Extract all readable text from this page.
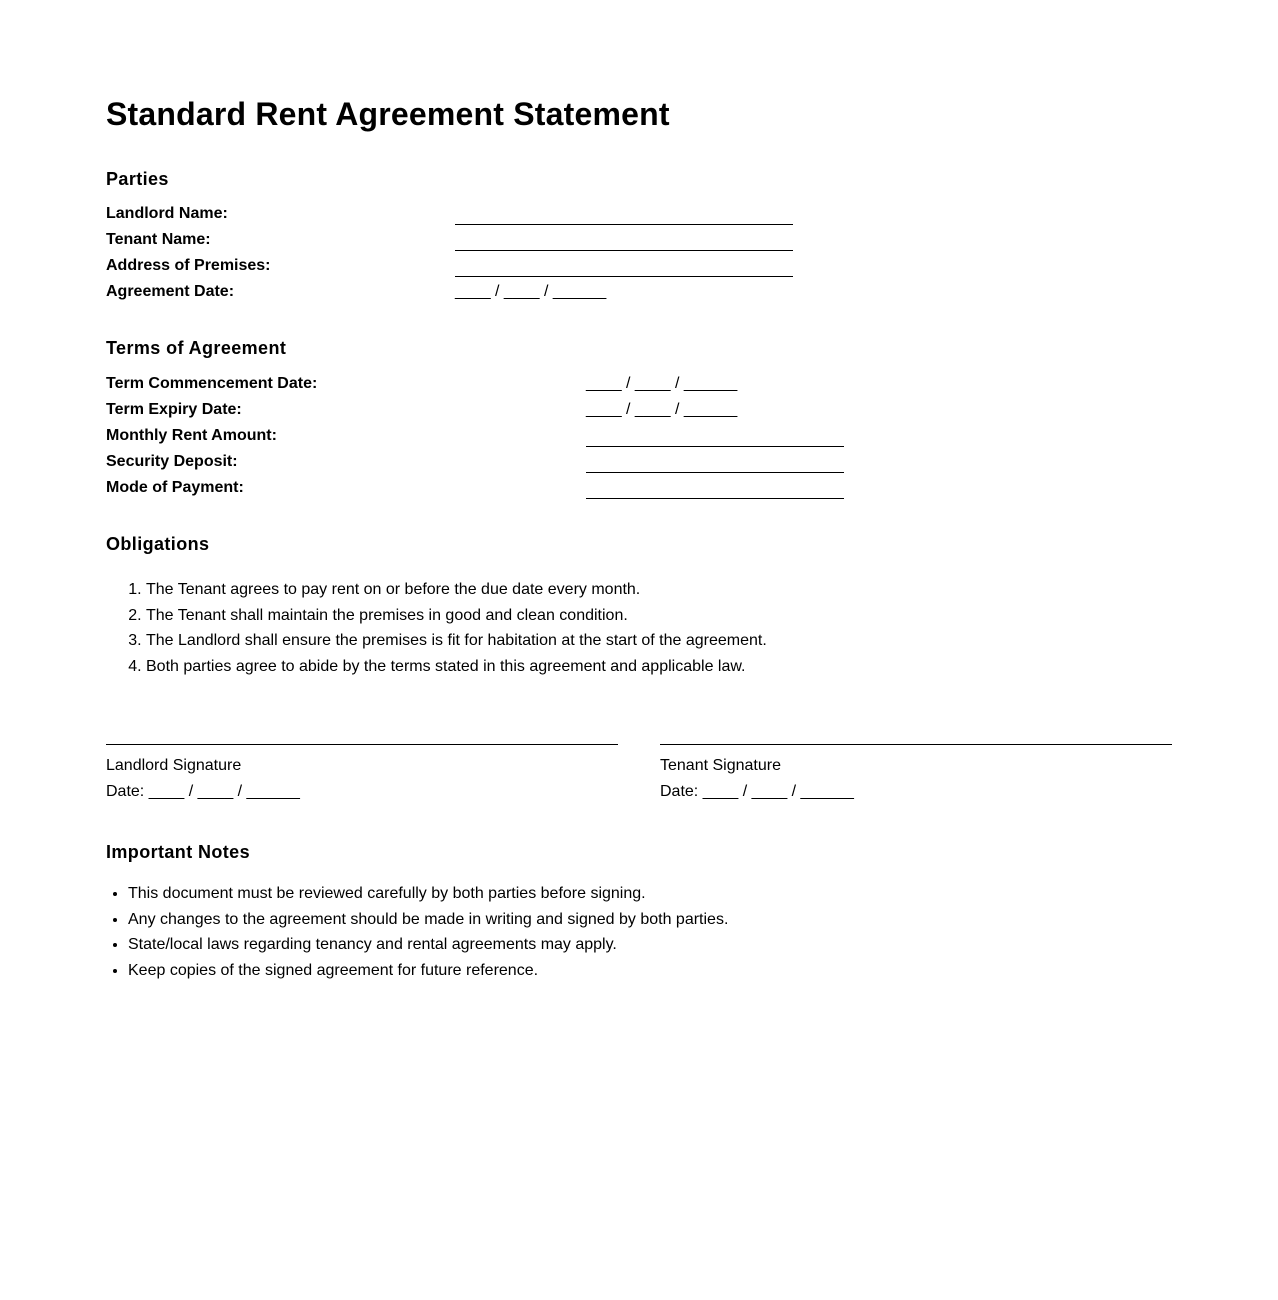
Standard Rent Agreement Statement
Parties
Landlord Name:
Tenant Name:
Address of Premises:
Agreement Date:	____ / ____ / ______
Terms of Agreement
Term Commencement Date:	____ / ____ / ______
Term Expiry Date:	____ / ____ / ______
Monthly Rent Amount:
Security Deposit:
Mode of Payment:
Obligations
1. The Tenant agrees to pay rent on or before the due date every month.
2. The Tenant shall maintain the premises in good and clean condition.
3. The Landlord shall ensure the premises is fit for habitation at the start of the agreement.
4. Both parties agree to abide by the terms stated in this agreement and applicable law.
Landlord Signature
Date: ____ / ____ / ______
Tenant Signature
Date: ____ / ____ / ______
Important Notes
• This document must be reviewed carefully by both parties before signing.
• Any changes to the agreement should be made in writing and signed by both parties.
• State/local laws regarding tenancy and rental agreements may apply.
• Keep copies of the signed agreement for future reference.
